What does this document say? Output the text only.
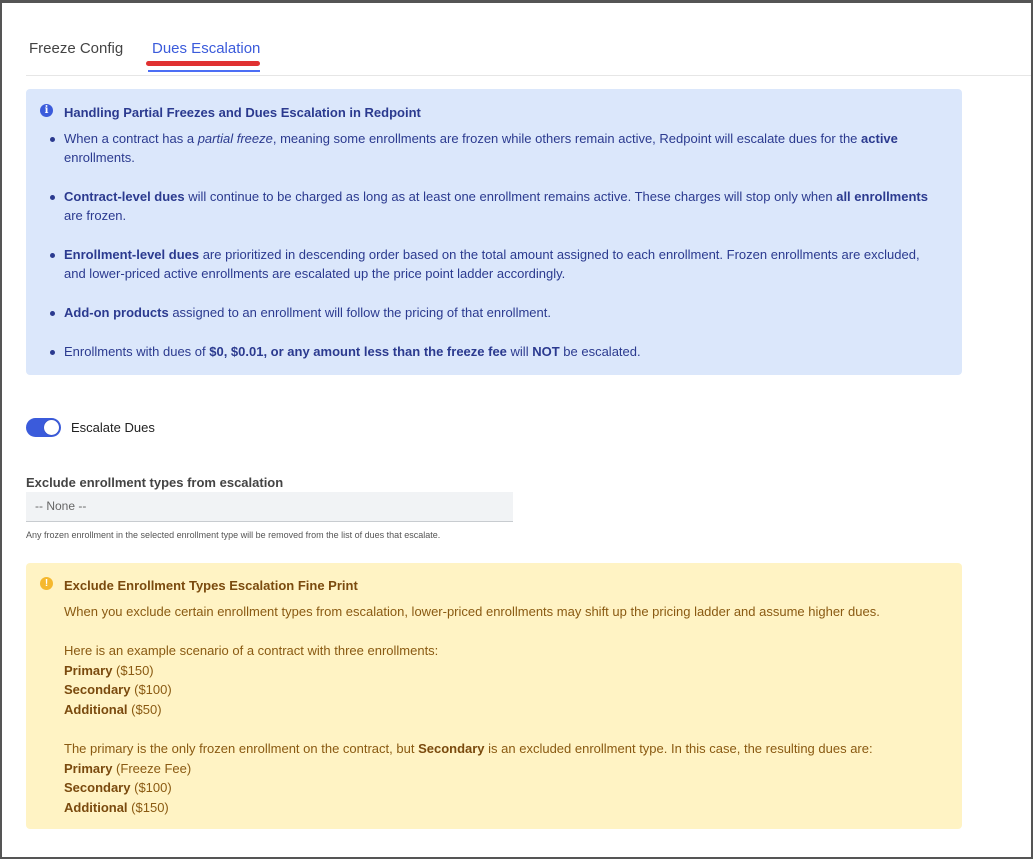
Freeze Config Dues Escalation
i	Handling Partial Freezes and Dues Escalation in Redpoint
When a contract has a partial freeze, meaning some enrollments are frozen while others remain active, Redpoint will escalate dues for the active enrollments.
Contract-level dues will continue to be charged as long as at least one enrollment remains active. These charges will stop only when all enrollments are frozen.
Enrollment-level dues are prioritized in descending order based on the total amount assigned to each enrollment. Frozen enrollments are excluded, and lower-priced active enrollments are escalated up the price point ladder accordingly.
Add-on products assigned to an enrollment will follow the pricing of that enrollment.
Enrollments with dues of $0, $0.01, or any amount less than the freeze fee will NOT be escalated.
Escalate Dues
Exclude enrollment types from escalation
-- None --
Any frozen enrollment in the selected enrollment type will be removed from the list of dues that escalate.
!	Exclude Enrollment Types Escalation Fine Print
When you exclude certain enrollment types from escalation, lower-priced enrollments may shift up the pricing ladder and assume higher dues.
Here is an example scenario of a contract with three enrollments:
Primary ($150)
Secondary ($100)
Additional ($50)
The primary is the only frozen enrollment on the contract, but Secondary is an excluded enrollment type. In this case, the resulting dues are:
Primary (Freeze Fee)
Secondary ($100)
Additional ($150)
